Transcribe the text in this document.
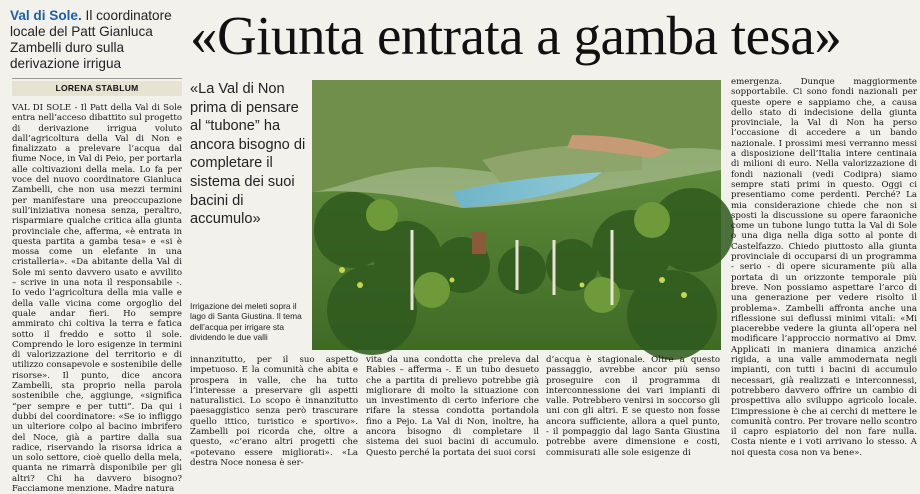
Val di Sole. Il coordinatore locale del Patt Gianluca Zambelli duro sulla derivazione irrigua	«Giunta entrata a gamba tesa»
LORENA STABLUM

VAL DI SOLE - Il Patt della Val di Sole entra nell’acceso dibattito sul progetto di derivazione irrigua voluto dall’agricoltura della Val di Non e finalizzato a prelevare l’acqua dal fiume Noce, in Val di Peio, per portarla alle coltivazioni della mela. Lo fa per voce del nuovo coordinatore Gianluca Zambelli, che non usa mezzi termini per manifestare una preoccupazione sull’iniziativa nonesa senza, peraltro, risparmiare qualche critica alla giunta provinciale che, afferma, «è entrata in questa partita a gamba tesa» e «si è mossa come un elefante in una cristalleria». «Da abitante della Val di Sole mi sento davvero usato e avvilito – scrive in una nota il responsabile -. Io vedo l’agricoltura della mia valle e della valle vicina come orgoglio del quale andar fieri. Ho sempre ammirato chi coltiva la terra e fatica sotto il freddo e sotto il sole. Comprendo le loro esigenze in termini di valorizzazione del territorio e di utilizzo consapevole e sostenibile delle risorse». Il punto, dice ancora Zambelli, sta proprio nella parola sostenibile che, aggiunge, «significa “per sempre e per tutti”. Da qui i dubbi del coordinatore: «Se io infliggo un ulteriore colpo al bacino imbrifero del Noce, già a partire dalla sua radice, riservando la risorsa idrica a un solo settore, cioè quello della mela, quanta ne rimarrà disponibile per gli altri? Chi ha davvero bisogno? Facciamone menzione. Madre natura

«La Val di Non prima di pensare al “tubone” ha ancora bisogno di completare il sistema dei suoi bacini di accumulo»
Irrigazione dei meleti sopra il lago di Santa Giustina. Il tema dell’acqua per irrigare sta dividendo le due valli

innanzitutto, per il suo aspetto impetuoso. E la comunità che abita e prospera in valle, che ha tutto l’interesse a preservare gli aspetti naturalistici. Lo scopo è innanzitutto paesaggistico senza però trascurare quello ittico, turistico e sportivo». Zambelli poi ricorda che, oltre a questo, «c’erano altri progetti che «potevano essere migliorati». «La destra Noce nonesa è ser-

vita da una condotta che preleva dal Rabies – afferma -. E un tubo desueto che a partita di prelievo potrebbe già migliorare di molto la situazione con un investimento di certo inferiore che rifare la stessa condotta portandola fino a Pejo. La Val di Non, inoltre, ha ancora bisogno di completare il sistema dei suoi bacini di accumulo. Questo perché la portata dei suoi corsi

d’acqua è stagionale. Oltre a questo passaggio, avrebbe ancor più senso proseguire con il programma di interconnessione dei vari impianti di valle. Potrebbero venirsi in soccorso gli uni con gli altri. E se questo non fosse ancora sufficiente, allora a quel punto, - il pompaggio dal lago Santa Giustina potrebbe avere dimensione e costi, commisurati alle sole esigenze di

emergenza. Dunque maggiormente sopportabile. Ci sono fondi nazionali per queste opere e sappiamo che, a causa dello stato di indecisione della giunta provinciale, la Val di Non ha perso l’occasione di accedere a un bando nazionale. I prossimi mesi verranno messi a disposizione dell’Italia intere centinaia di milioni di euro. Nella valorizzazione di fondi nazionali (vedi Codipra) siamo sempre stati primi in questo. Oggi ci presentiamo come perdenti. Perché? La mia considerazione chiede che non si sposti la discussione su opere faraoniche come un tubone lungo tutta la Val di Sole o una diga nella diga sotto al ponte di Castelfazzo. Chiedo piuttosto alla giunta provinciale di occuparsi di un programma - serio - di opere sicuramente più alla portata di un orizzonte temporale più breve. Non possiamo aspettare l’arco di una generazione per vedere risolto il problema». Zambelli affronta anche una riflessione sui deflussi minimi vitali: «Mi piacerebbe vedere la giunta all’opera nel modificare l’approccio normativo ai Dmv. Applicati in maniera dinamica anziché rigida, a una valle ammodernata negli impianti, con tutti i bacini di accumulo necessari, già realizzati e interconnessi, potrebbero davvero offrire un cambio di prospettiva allo sviluppo agricolo locale. L’impressione è che ai cerchi di mettere le comunità contro. Per trovare nello scontro il capro espiatorio del non fare nulla. Costa niente e i voti arrivano lo stesso. A noi questa cosa non va bene».
